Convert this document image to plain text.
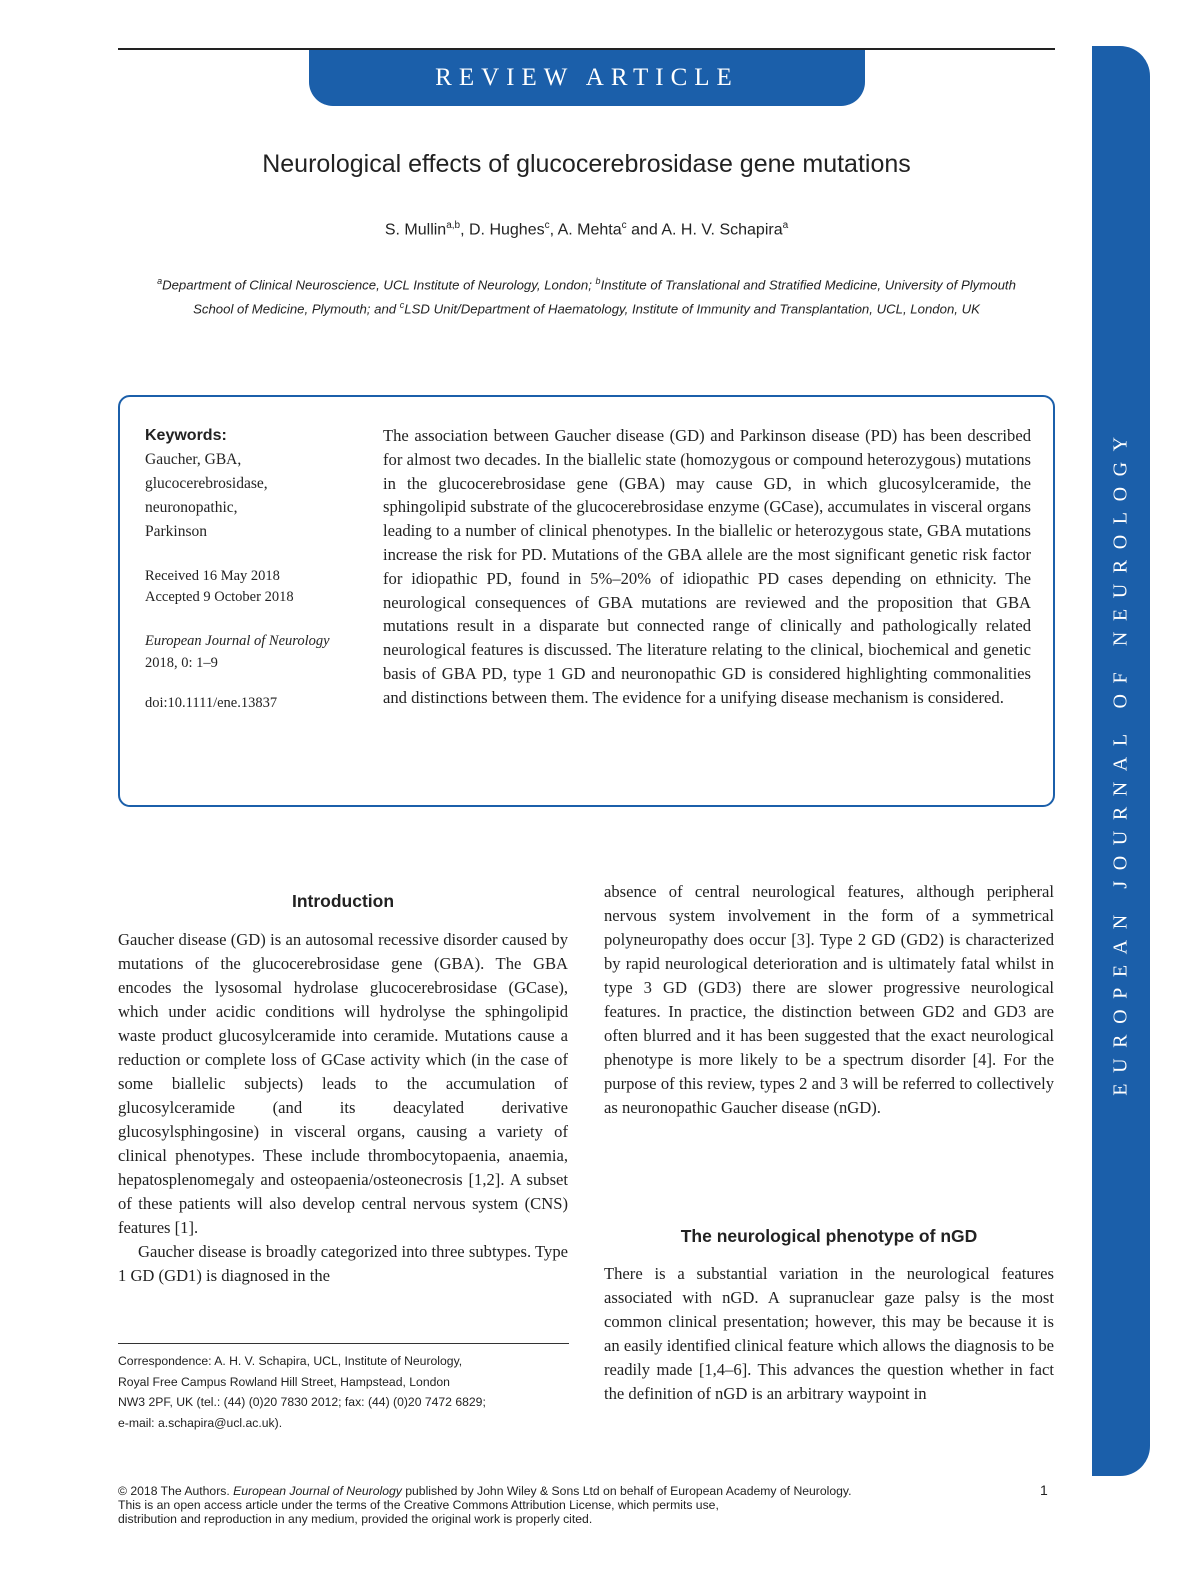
REVIEW ARTICLE
EUROPEAN JOURNAL OF NEUROLOGY
Neurological effects of glucocerebrosidase gene mutations
S. Mullin$^{a,b}$, D. Hughes$^c$, A. Mehta$^c$ and A. H. V. Schapira$^a$
$^a$Department of Clinical Neuroscience, UCL Institute of Neurology, London; $^b$Institute of Translational and Stratified Medicine, University of Plymouth School of Medicine, Plymouth; and $^c$LSD Unit/Department of Haematology, Institute of Immunity and Transplantation, UCL, London, UK
Keywords:
Gaucher, GBA,
glucocerebrosidase,
neuronopathic,
Parkinson
Received 16 May 2018
Accepted 9 October 2018
European Journal of Neurology 2018, 0: 1–9
doi:10.1111/ene.13837
The association between Gaucher disease (GD) and Parkinson disease (PD) has been described for almost two decades. In the biallelic state (homozygous or compound heterozygous) mutations in the glucocerebrosidase gene (GBA) may cause GD, in which glucosylceramide, the sphingolipid substrate of the glucocerebrosidase enzyme (GCase), accumulates in visceral organs leading to a number of clinical phenotypes. In the biallelic or heterozygous state, GBA mutations increase the risk for PD. Mutations of the GBA allele are the most significant genetic risk factor for idiopathic PD, found in 5%–20% of idiopathic PD cases depending on ethnicity. The neurological consequences of GBA mutations are reviewed and the proposition that GBA mutations result in a disparate but connected range of clinically and pathologically related neurological features is discussed. The literature relating to the clinical, biochemical and genetic basis of GBA PD, type 1 GD and neuronopathic GD is considered highlighting commonalities and distinctions between them. The evidence for a unifying disease mechanism is considered.
Introduction

Gaucher disease (GD) is an autosomal recessive disorder caused by mutations of the glucocerebrosidase gene (GBA). The GBA encodes the lysosomal hydrolase glucocerebrosidase (GCase), which under acidic conditions will hydrolyse the sphingolipid waste product glucosylceramide into ceramide. Mutations cause a reduction or complete loss of GCase activity which (in the case of some biallelic subjects) leads to the accumulation of glucosylceramide (and its deacylated derivative glucosylsphingosine) in visceral organs, causing a variety of clinical phenotypes. These include thrombocytopaenia, anaemia, hepatosplenomegaly and osteopaenia/osteonecrosis [1,2]. A subset of these patients will also develop central nervous system (CNS) features [1].

Gaucher disease is broadly categorized into three subtypes. Type 1 GD (GD1) is diagnosed in the

Correspondence: A. H. V. Schapira, UCL, Institute of Neurology,
Royal Free Campus Rowland Hill Street, Hampstead, London
NW3 2PF, UK (tel.: (44) (0)20 7830 2012; fax: (44) (0)20 7472 6829;
e-mail: a.schapira@ucl.ac.uk).

absence of central neurological features, although peripheral nervous system involvement in the form of a symmetrical polyneuropathy does occur [3]. Type 2 GD (GD2) is characterized by rapid neurological deterioration and is ultimately fatal whilst in type 3 GD (GD3) there are slower progressive neurological features. In practice, the distinction between GD2 and GD3 are often blurred and it has been suggested that the exact neurological phenotype is more likely to be a spectrum disorder [4]. For the purpose of this review, types 2 and 3 will be referred to collectively as neuronopathic Gaucher disease (nGD).

The neurological phenotype of nGD

There is a substantial variation in the neurological features associated with nGD. A supranuclear gaze palsy is the most common clinical presentation; however, this may be because it is an easily identified clinical feature which allows the diagnosis to be readily made [1,4–6]. This advances the question whether in fact the definition of nGD is an arbitrary waypoint in

© 2018 The Authors. European Journal of Neurology published by John Wiley & Sons Ltd on behalf of European Academy of Neurology.
This is an open access article under the terms of the Creative Commons Attribution License, which permits use,
distribution and reproduction in any medium, provided the original work is properly cited.
1
